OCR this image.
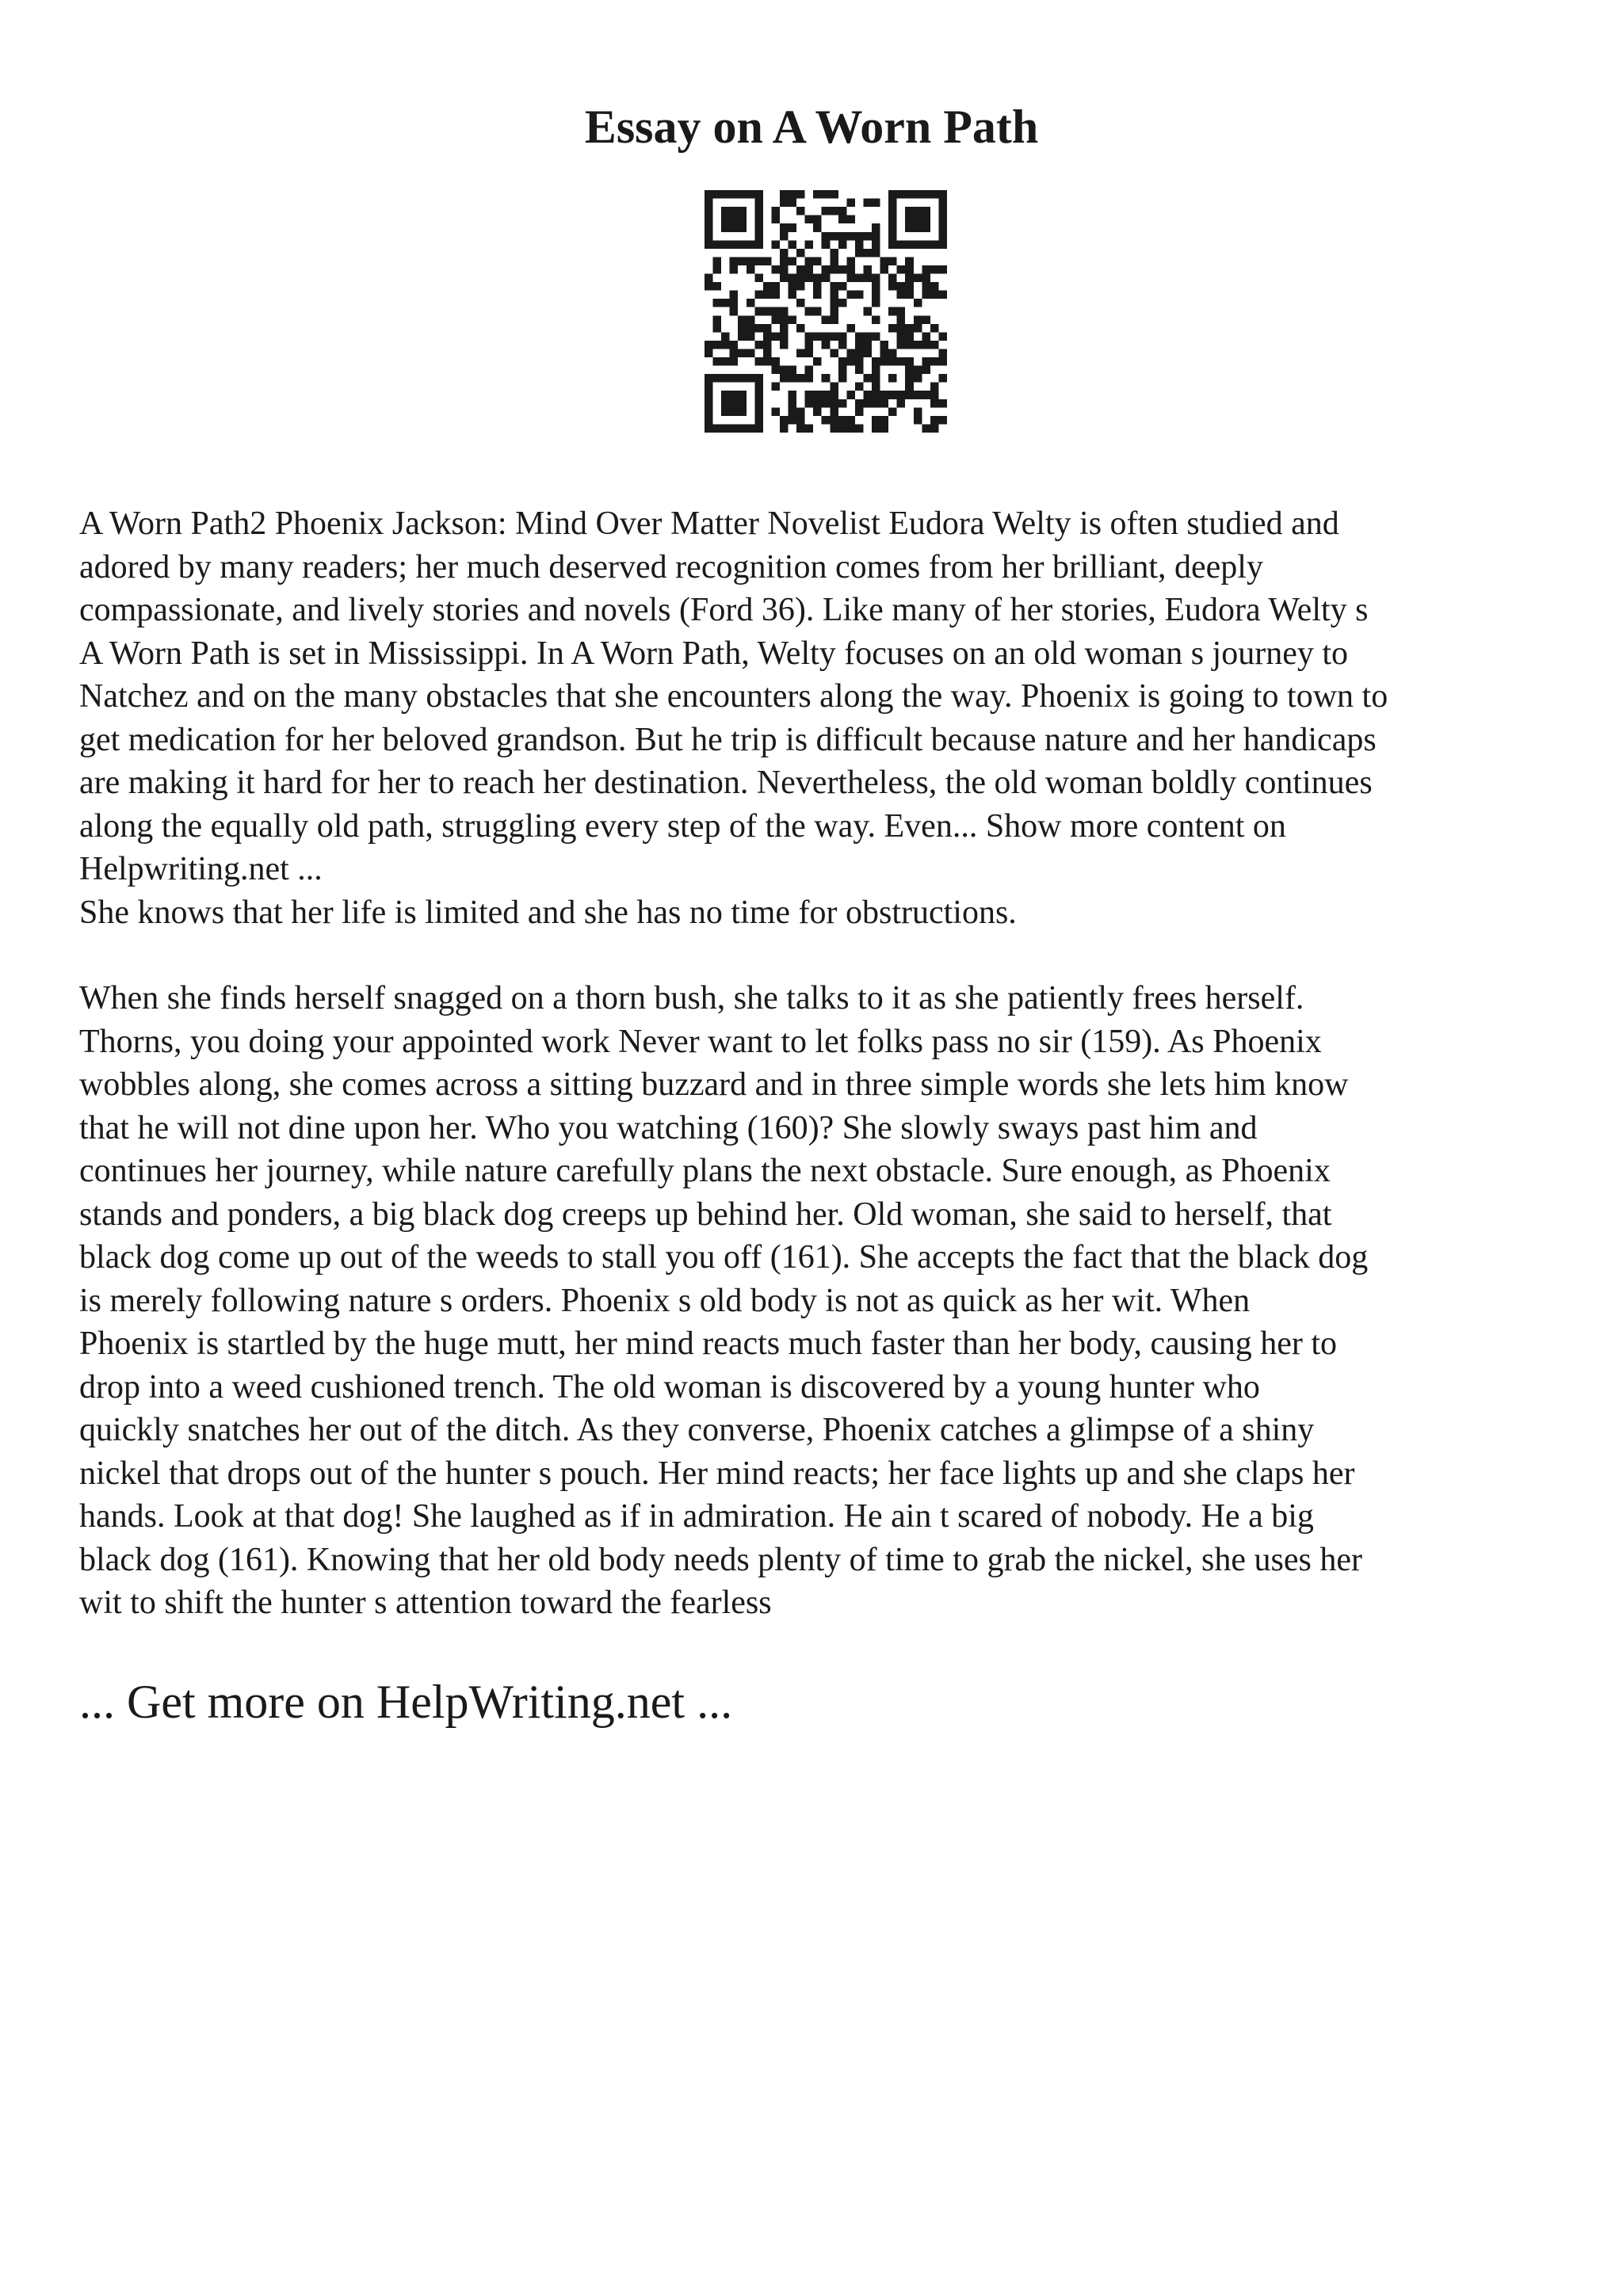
Essay on A Worn Path

A Worn Path2 Phoenix Jackson: Mind Over Matter Novelist Eudora Welty is often studied and
adored by many readers; her much deserved recognition comes from her brilliant, deeply
compassionate, and lively stories and novels (Ford 36). Like many of her stories, Eudora Welty s
A Worn Path is set in Mississippi. In A Worn Path, Welty focuses on an old woman s journey to
Natchez and on the many obstacles that she encounters along the way. Phoenix is going to town to
get medication for her beloved grandson. But he trip is difficult because nature and her handicaps
are making it hard for her to reach her destination. Nevertheless, the old woman boldly continues
along the equally old path, struggling every step of the way. Even... Show more content on
Helpwriting.net ...

She knows that her life is limited and she has no time for obstructions.

When she finds herself snagged on a thorn bush, she talks to it as she patiently frees herself.
Thorns, you doing your appointed work Never want to let folks pass no sir (159). As Phoenix
wobbles along, she comes across a sitting buzzard and in three simple words she lets him know
that he will not dine upon her. Who you watching (160)? She slowly sways past him and
continues her journey, while nature carefully plans the next obstacle. Sure enough, as Phoenix
stands and ponders, a big black dog creeps up behind her. Old woman, she said to herself, that
black dog come up out of the weeds to stall you off (161). She accepts the fact that the black dog
is merely following nature s orders. Phoenix s old body is not as quick as her wit. When
Phoenix is startled by the huge mutt, her mind reacts much faster than her body, causing her to
drop into a weed cushioned trench. The old woman is discovered by a young hunter who
quickly snatches her out of the ditch. As they converse, Phoenix catches a glimpse of a shiny
nickel that drops out of the hunter s pouch. Her mind reacts; her face lights up and she claps her
hands. Look at that dog! She laughed as if in admiration. He ain t scared of nobody. He a big
black dog (161). Knowing that her old body needs plenty of time to grab the nickel, she uses her
wit to shift the hunter s attention toward the fearless

... Get more on HelpWriting.net ...
